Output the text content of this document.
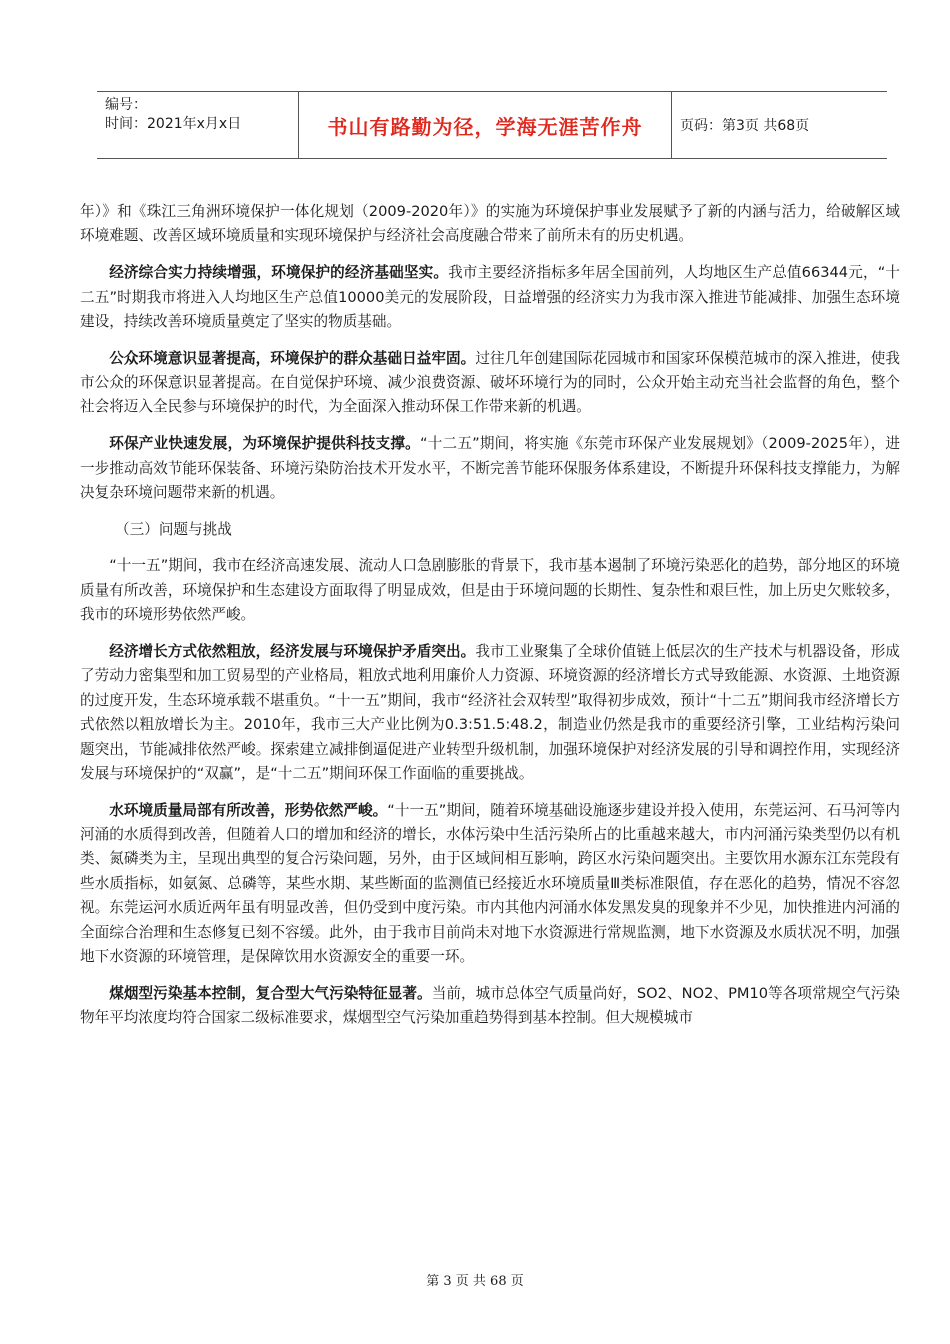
编号：
时间：2021年x月x日	书山有路勤为径，学海无涯苦作舟	页码：第3页 共68页

年）》和《珠江三角洲环境保护一体化规划（2009-2020年）》的实施为环境保护事业发展赋予了新的内涵与活力，给破解区域环境难题、改善区域环境质量和实现环境保护与经济社会高度融合带来了前所未有的历史机遇。

经济综合实力持续增强，环境保护的经济基础坚实。我市主要经济指标多年居全国前列，人均地区生产总值66344元，“十二五”时期我市将进入人均地区生产总值10000美元的发展阶段，日益增强的经济实力为我市深入推进节能减排、加强生态环境建设，持续改善环境质量奠定了坚实的物质基础。

公众环境意识显著提高，环境保护的群众基础日益牢固。过往几年创建国际花园城市和国家环保模范城市的深入推进，使我市公众的环保意识显著提高。在自觉保护环境、减少浪费资源、破坏环境行为的同时，公众开始主动充当社会监督的角色，整个社会将迈入全民参与环境保护的时代，为全面深入推动环保工作带来新的机遇。

环保产业快速发展，为环境保护提供科技支撑。“十二五”期间，将实施《东莞市环保产业发展规划》（2009-2025年），进一步推动高效节能环保装备、环境污染防治技术开发水平，不断完善节能环保服务体系建设，不断提升环保科技支撑能力，为解决复杂环境问题带来新的机遇。

（三）问题与挑战

“十一五”期间，我市在经济高速发展、流动人口急剧膨胀的背景下，我市基本遏制了环境污染恶化的趋势，部分地区的环境质量有所改善，环境保护和生态建设方面取得了明显成效，但是由于环境问题的长期性、复杂性和艰巨性，加上历史欠账较多，我市的环境形势依然严峻。

经济增长方式依然粗放，经济发展与环境保护矛盾突出。我市工业聚集了全球价值链上低层次的生产技术与机器设备，形成了劳动力密集型和加工贸易型的产业格局，粗放式地利用廉价人力资源、环境资源的经济增长方式导致能源、水资源、土地资源的过度开发，生态环境承载不堪重负。“十一五”期间，我市“经济社会双转型”取得初步成效，预计“十二五”期间我市经济增长方式依然以粗放增长为主。2010年，我市三大产业比例为0.3:51.5:48.2，制造业仍然是我市的重要经济引擎，工业结构污染问题突出，节能减排依然严峻。探索建立减排倒逼促进产业转型升级机制，加强环境保护对经济发展的引导和调控作用，实现经济发展与环境保护的“双赢”，是“十二五”期间环保工作面临的重要挑战。

水环境质量局部有所改善，形势依然严峻。“十一五”期间，随着环境基础设施逐步建设并投入使用，东莞运河、石马河等内河涌的水质得到改善，但随着人口的增加和经济的增长，水体污染中生活污染所占的比重越来越大，市内河涌污染类型仍以有机类、氮磷类为主，呈现出典型的复合污染问题，另外，由于区域间相互影响，跨区水污染问题突出。主要饮用水源东江东莞段有些水质指标，如氨氮、总磷等，某些水期、某些断面的监测值已经接近水环境质量Ⅲ类标准限值，存在恶化的趋势，情况不容忽视。东莞运河水质近两年虽有明显改善，但仍受到中度污染。市内其他内河涌水体发黑发臭的现象并不少见，加快推进内河涌的全面综合治理和生态修复已刻不容缓。此外，由于我市目前尚未对地下水资源进行常规监测，地下水资源及水质状况不明，加强地下水资源的环境管理，是保障饮用水资源安全的重要一环。

煤烟型污染基本控制，复合型大气污染特征显著。当前，城市总体空气质量尚好，SO2、NO2、PM10等各项常规空气污染物年平均浓度均符合国家二级标准要求，煤烟型空气污染加重趋势得到基本控制。但大规模城市

第 3 页 共 68 页
